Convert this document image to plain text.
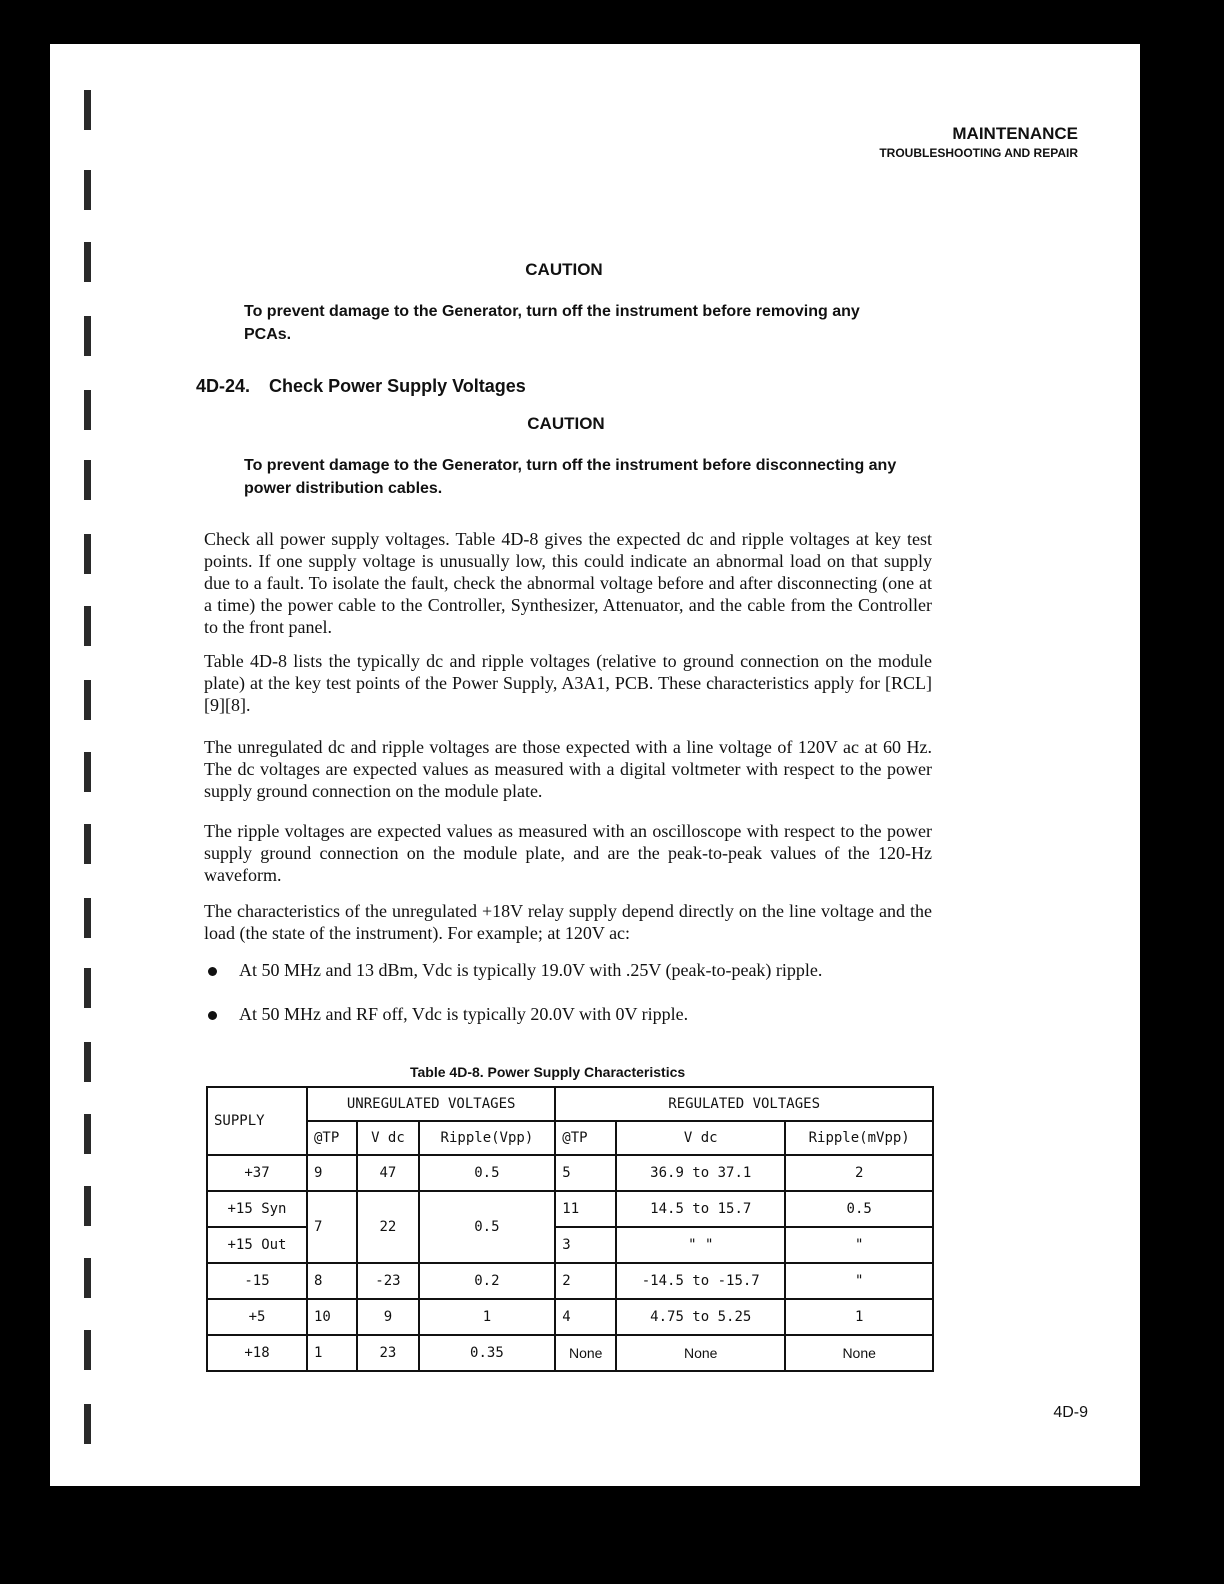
MAINTENANCE
TROUBLESHOOTING AND REPAIR
CAUTION
To prevent damage to the Generator, turn off the instrument before removing any PCAs.
4D-24. Check Power Supply Voltages
CAUTION
To prevent damage to the Generator, turn off the instrument before disconnecting any power distribution cables.
Check all power supply voltages. Table 4D-8 gives the expected dc and ripple voltages at key test points. If one supply voltage is unusually low, this could indicate an abnormal load on that supply due to a fault. To isolate the fault, check the abnormal voltage before and after disconnecting (one at a time) the power cable to the Controller, Synthesizer, Attenuator, and the cable from the Controller to the front panel.
Table 4D-8 lists the typically dc and ripple voltages (relative to ground connection on the module plate) at the key test points of the Power Supply, A3A1, PCB. These characteristics apply for [RCL] [9][8].
The unregulated dc and ripple voltages are those expected with a line voltage of 120V ac at 60 Hz. The dc voltages are expected values as measured with a digital voltmeter with respect to the power supply ground connection on the module plate.
The ripple voltages are expected values as measured with an oscilloscope with respect to the power supply ground connection on the module plate, and are the peak-to-peak values of the 120-Hz waveform.
The characteristics of the unregulated +18V relay supply depend directly on the line voltage and the load (the state of the instrument). For example; at 120V ac:
At 50 MHz and 13 dBm, Vdc is typically 19.0V with .25V (peak-to-peak) ripple.
At 50 MHz and RF off, Vdc is typically 20.0V with 0V ripple.
Table 4D-8. Power Supply Characteristics
SUPPLY	UNREGULATED VOLTAGES			REGULATED VOLTAGES		
	@TP	V dc	Ripple(Vpp)	@TP	V dc	Ripple(mVpp)
+37	9	47	0.5	5	36.9 to 37.1	2
+15 Syn	7	22	0.5	11	14.5 to 15.7	0.5
+15 Out				3	" "	"
-15	8	-23	0.2	2	-14.5 to -15.7	"
+5	10	9	1	4	4.75 to 5.25	1
+18	1	23	0.35	None	None	None
4D-9
